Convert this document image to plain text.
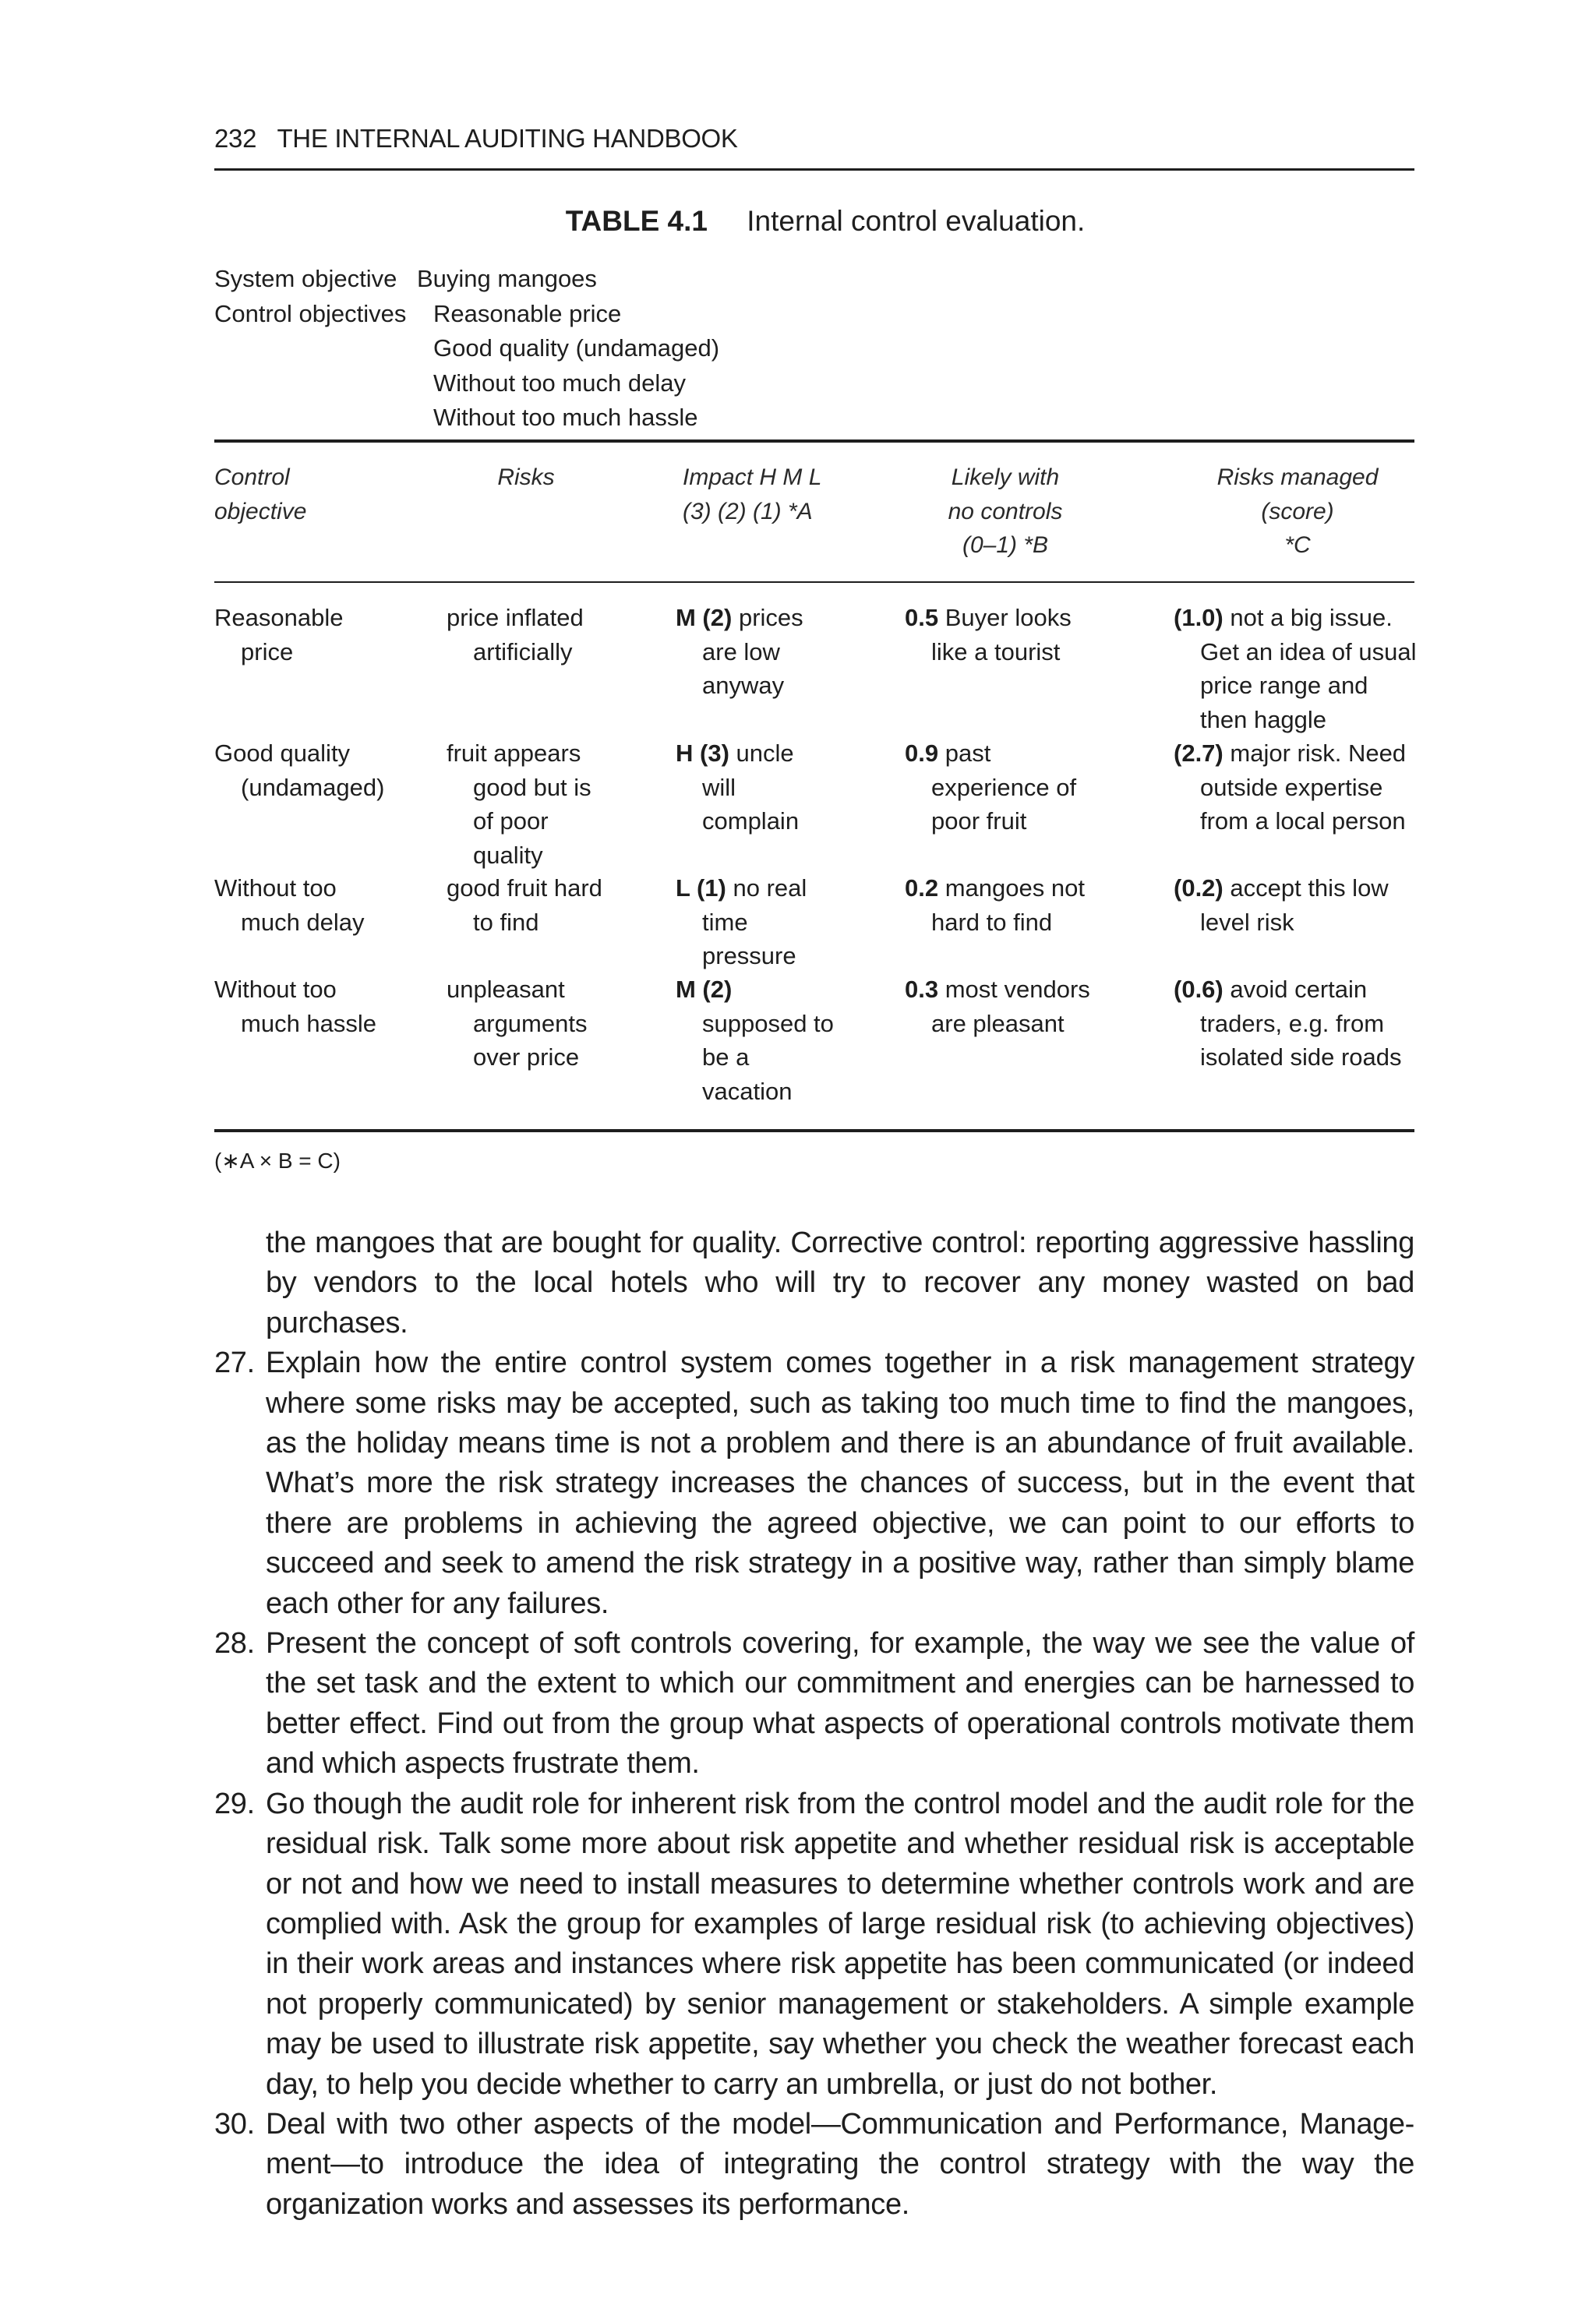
232 THE INTERNAL AUDITING HANDBOOK
TABLE 4.1 Internal control evaluation.
System objective Buying mangoes
Control objectives Reasonable price
Good quality (undamaged)
Without too much delay
Without too much hassle
Control
objective
Risks	Impact H M L
(3) (2) (1) *A
Likely with
no controls
(0–1) *B
Risks managed
(score)
*C
Reasonable
price
price inflated
artificially
M (2) prices
are low
anyway
0.5 Buyer looks
like a tourist
(1.0) not a big issue.
Get an idea of usual
price range and
then haggle
Good quality
(undamaged)
fruit appears
good but is
of poor
quality
H (3) uncle
will
complain
0.9 past
experience of
poor fruit
(2.7) major risk. Need
outside expertise
from a local person
Without too
much delay
good fruit hard
to find
L (1) no real
time
pressure
0.2 mangoes not
hard to find
(0.2) accept this low
level risk
Without too
much hassle
unpleasant
arguments
over price
M (2)
supposed to
be a
vacation
0.3 most vendors
are pleasant
(0.6) avoid certain
traders, e.g. from
isolated side roads
(∗A × B = C)

the mangoes that are bought for quality. Corrective control: reporting aggressive hassling by vendors to the local hotels who will try to recover any money wasted on bad purchases.

27. Explain how the entire control system comes together in a risk management strategy where some risks may be accepted, such as taking too much time to find the mangoes, as the holiday means time is not a problem and there is an abundance of fruit available. What’s more the risk strategy increases the chances of success, but in the event that there are problems in achieving the agreed objective, we can point to our efforts to succeed and seek to amend the risk strategy in a positive way, rather than simply blame each other for any failures.

28. Present the concept of soft controls covering, for example, the way we see the value of the set task and the extent to which our commitment and energies can be harnessed to better effect. Find out from the group what aspects of operational controls motivate them and which aspects frustrate them.

29. Go though the audit role for inherent risk from the control model and the audit role for the residual risk. Talk some more about risk appetite and whether residual risk is acceptable or not and how we need to install measures to determine whether controls work and are complied with. Ask the group for examples of large residual risk (to achieving objectives) in their work areas and instances where risk appetite has been communicated (or indeed not properly communicated) by senior management or stakeholders. A simple example may be used to illustrate risk appetite, say whether you check the weather forecast each day, to help you decide whether to carry an umbrella, or just do not bother.

30. Deal with two other aspects of the model—Communication and Performance, Manage-ment—to introduce the idea of integrating the control strategy with the way the organization works and assesses its performance.
